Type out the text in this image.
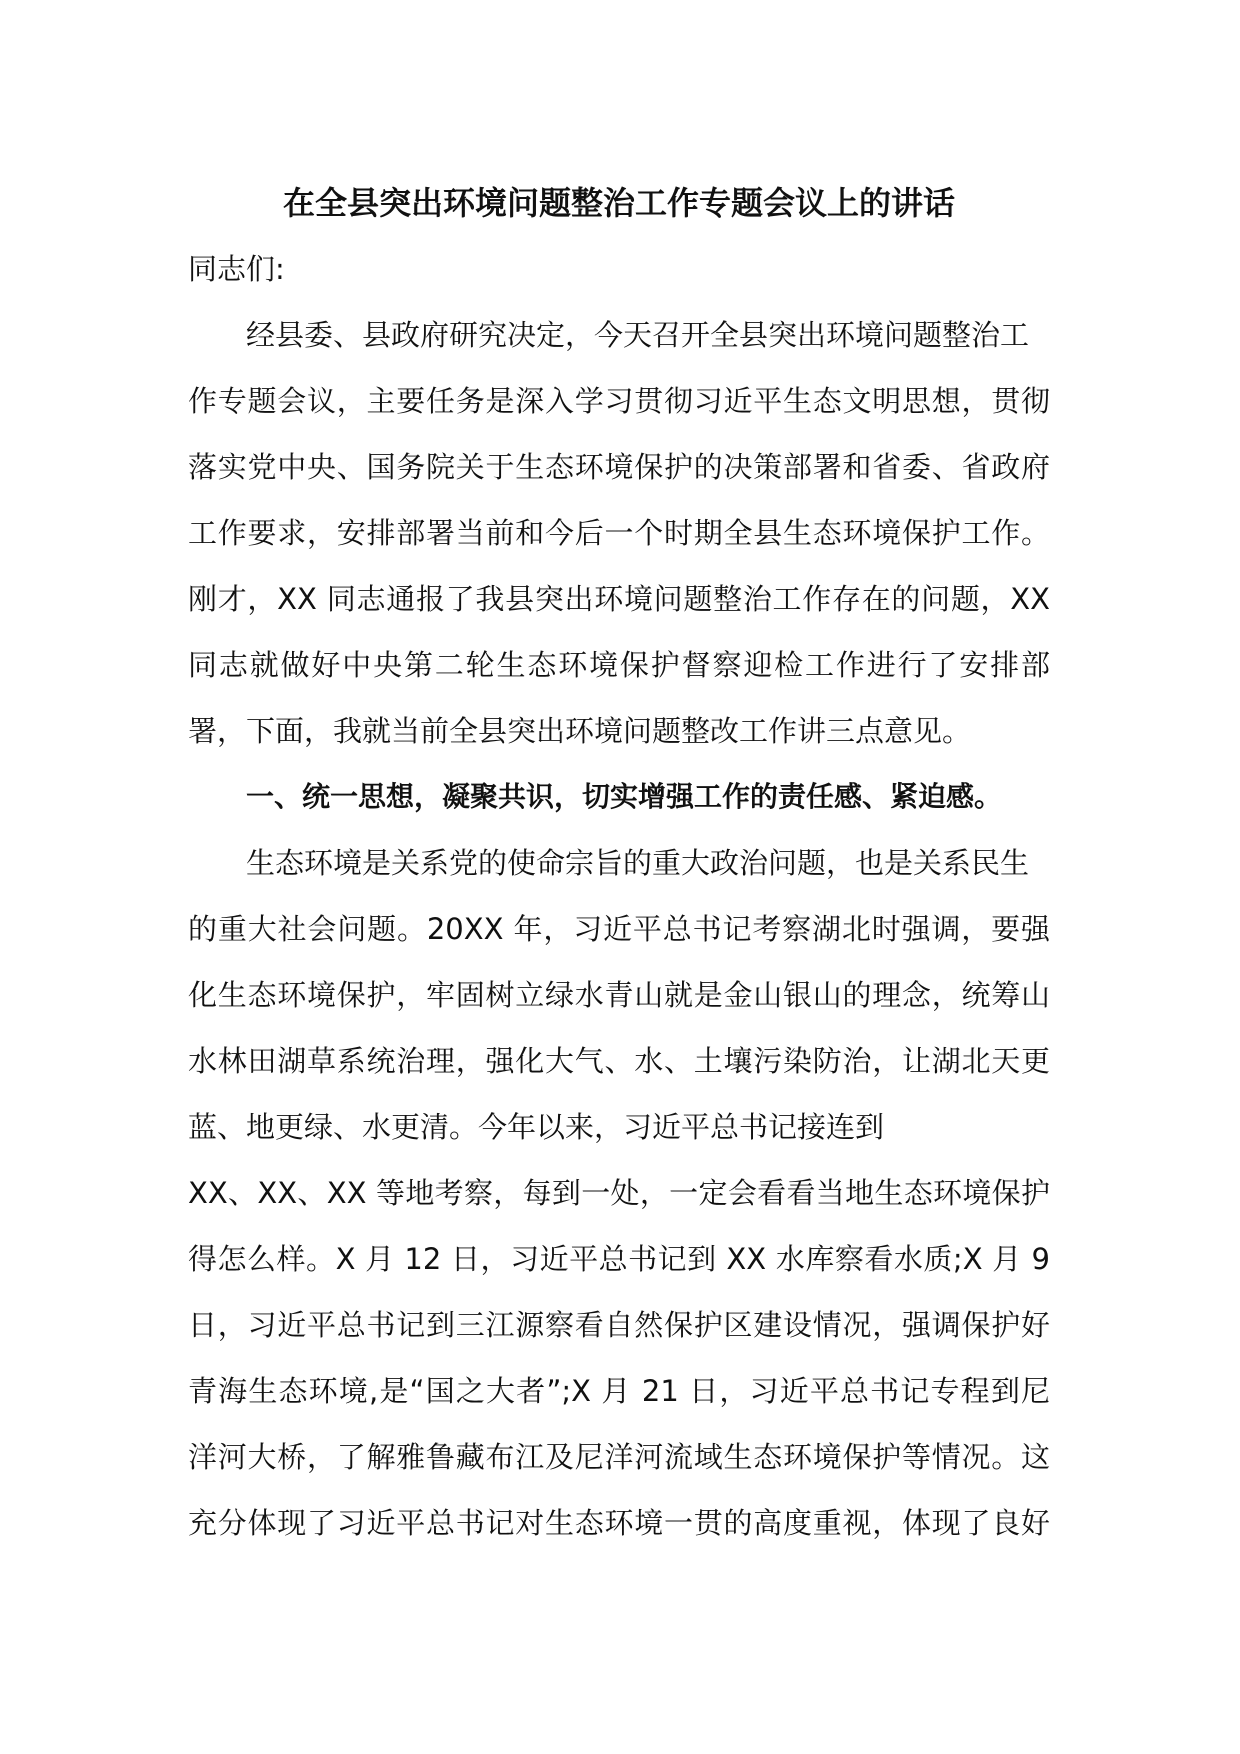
在全县突出环境问题整治工作专题会议上的讲话

同志们:

经县委、县政府研究决定，今天召开全县突出环境问题整治工
作专题会议，主要任务是深入学习贯彻习近平生态文明思想，贯彻
落实党中央、国务院关于生态环境保护的决策部署和省委、省政府
工作要求，安排部署当前和今后一个时期全县生态环境保护工作。
刚才，XX 同志通报了我县突出环境问题整治工作存在的问题，XX
同志就做好中央第二轮生态环境保护督察迎检工作进行了安排部
署，下面，我就当前全县突出环境问题整改工作讲三点意见。
一、统一思想，凝聚共识，切实增强工作的责任感、紧迫感。
生态环境是关系党的使命宗旨的重大政治问题，也是关系民生
的重大社会问题。20XX 年，习近平总书记考察湖北时强调，要强
化生态环境保护，牢固树立绿水青山就是金山银山的理念，统筹山
水林田湖草系统治理，强化大气、水、土壤污染防治，让湖北天更
蓝、地更绿、水更清。今年以来，习近平总书记接连到
XX、XX、XX 等地考察，每到一处，一定会看看当地生态环境保护
得怎么样。X 月 12 日，习近平总书记到 XX 水库察看水质;X 月 9
日，习近平总书记到三江源察看自然保护区建设情况，强调保护好
青海生态环境,是“国之大者”;X 月 21 日，习近平总书记专程到尼
洋河大桥，了解雅鲁藏布江及尼洋河流域生态环境保护等情况。这
充分体现了习近平总书记对生态环境一贯的高度重视，体现了良好
